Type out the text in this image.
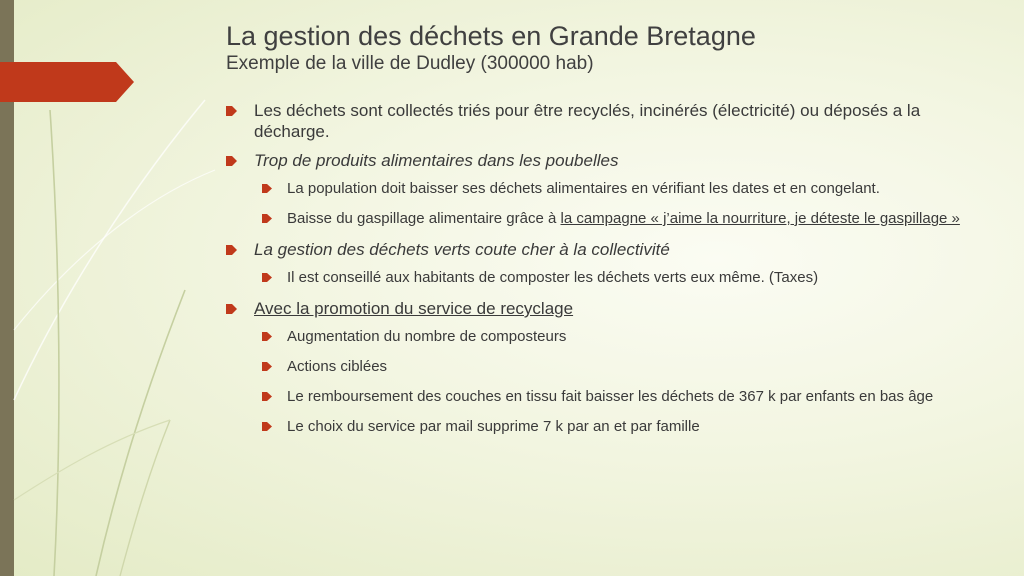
La gestion des déchets en Grande Bretagne
Exemple de la ville de Dudley (300000 hab)
Les déchets sont collectés triés pour être recyclés, incinérés (électricité) ou déposés a la décharge.
Trop de produits alimentaires dans les poubelles
La population doit baisser ses déchets alimentaires en vérifiant les dates et en congelant.
Baisse du gaspillage alimentaire grâce à la campagne « j’aime la nourriture, je déteste le gaspillage »
La gestion des déchets verts coute cher à la collectivité
Il est conseillé aux habitants de composter les déchets verts eux même. (Taxes)
Avec la promotion du service de recyclage
Augmentation du nombre de composteurs
Actions ciblées
Le remboursement des couches en tissu fait baisser les déchets de 367 k par enfants en bas âge
Le choix du service par mail supprime 7 k par an et par famille
